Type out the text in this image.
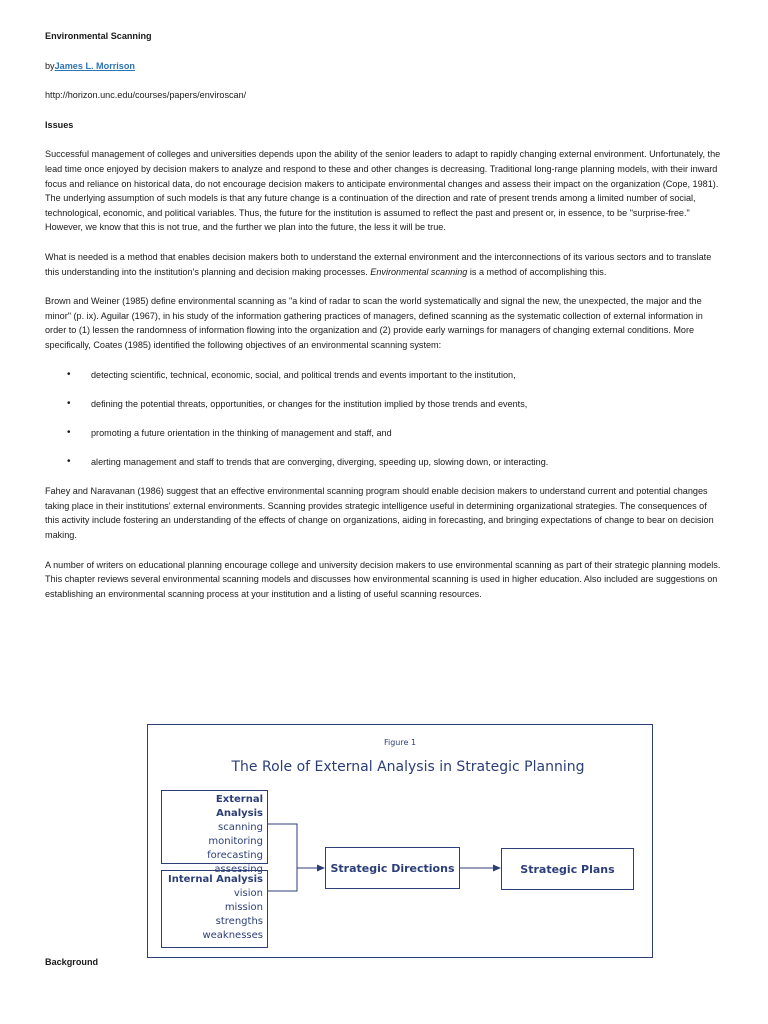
Environmental Scanning

byJames L. Morrison

http://horizon.unc.edu/courses/papers/enviroscan/

Issues

Successful management of colleges and universities depends upon the ability of the senior leaders to adapt to rapidly changing external environment. Unfortunately, the lead time once enjoyed by decision makers to analyze and respond to these and other changes is decreasing. Traditional long-range planning models, with their inward focus and reliance on historical data, do not encourage decision makers to anticipate environmental changes and assess their impact on the organization (Cope, 1981). The underlying assumption of such models is that any future change is a continuation of the direction and rate of present trends among a limited number of social, technological, economic, and political variables. Thus, the future for the institution is assumed to reflect the past and present or, in essence, to be "surprise-free." However, we know that this is not true, and the further we plan into the future, the less it will be true.

What is needed is a method that enables decision makers both to understand the external environment and the interconnections of its various sectors and to translate this understanding into the institution's planning and decision making processes. Environmental scanning is a method of accomplishing this.

Brown and Weiner (1985) define environmental scanning as "a kind of radar to scan the world systematically and signal the new, the unexpected, the major and the minor" (p. ix). Aguilar (1967), in his study of the information gathering practices of managers, defined scanning as the systematic collection of external information in order to (1) lessen the randomness of information flowing into the organization and (2) provide early warnings for managers of changing external conditions. More specifically, Coates (1985) identified the following objectives of an environmental scanning system:

• detecting scientific, technical, economic, social, and political trends and events important to the institution,
• defining the potential threats, opportunities, or changes for the institution implied by those trends and events,
• promoting a future orientation in the thinking of management and staff, and
• alerting management and staff to trends that are converging, diverging, speeding up, slowing down, or interacting.

Fahey and Naravanan (1986) suggest that an effective environmental scanning program should enable decision makers to understand current and potential changes taking place in their institutions' external environments. Scanning provides strategic intelligence useful in determining organizational strategies. The consequences of this activity include fostering an understanding of the effects of change on organizations, aiding in forecasting, and bringing expectations of change to bear on decision making.

A number of writers on educational planning encourage college and university decision makers to use environmental scanning as part of their strategic planning models. This chapter reviews several environmental scanning models and discusses how environmental scanning is used in higher education. Also included are suggestions on establishing an environmental scanning process at your institution and a listing of useful scanning resources.

Figure 1
The Role of External Analysis in Strategic Planning
External Analysis
scanning
monitoring
forecasting
assessing
Internal Analysis
vision
mission
strengths
weaknesses
Strategic Directions	Strategic Plans
Background
